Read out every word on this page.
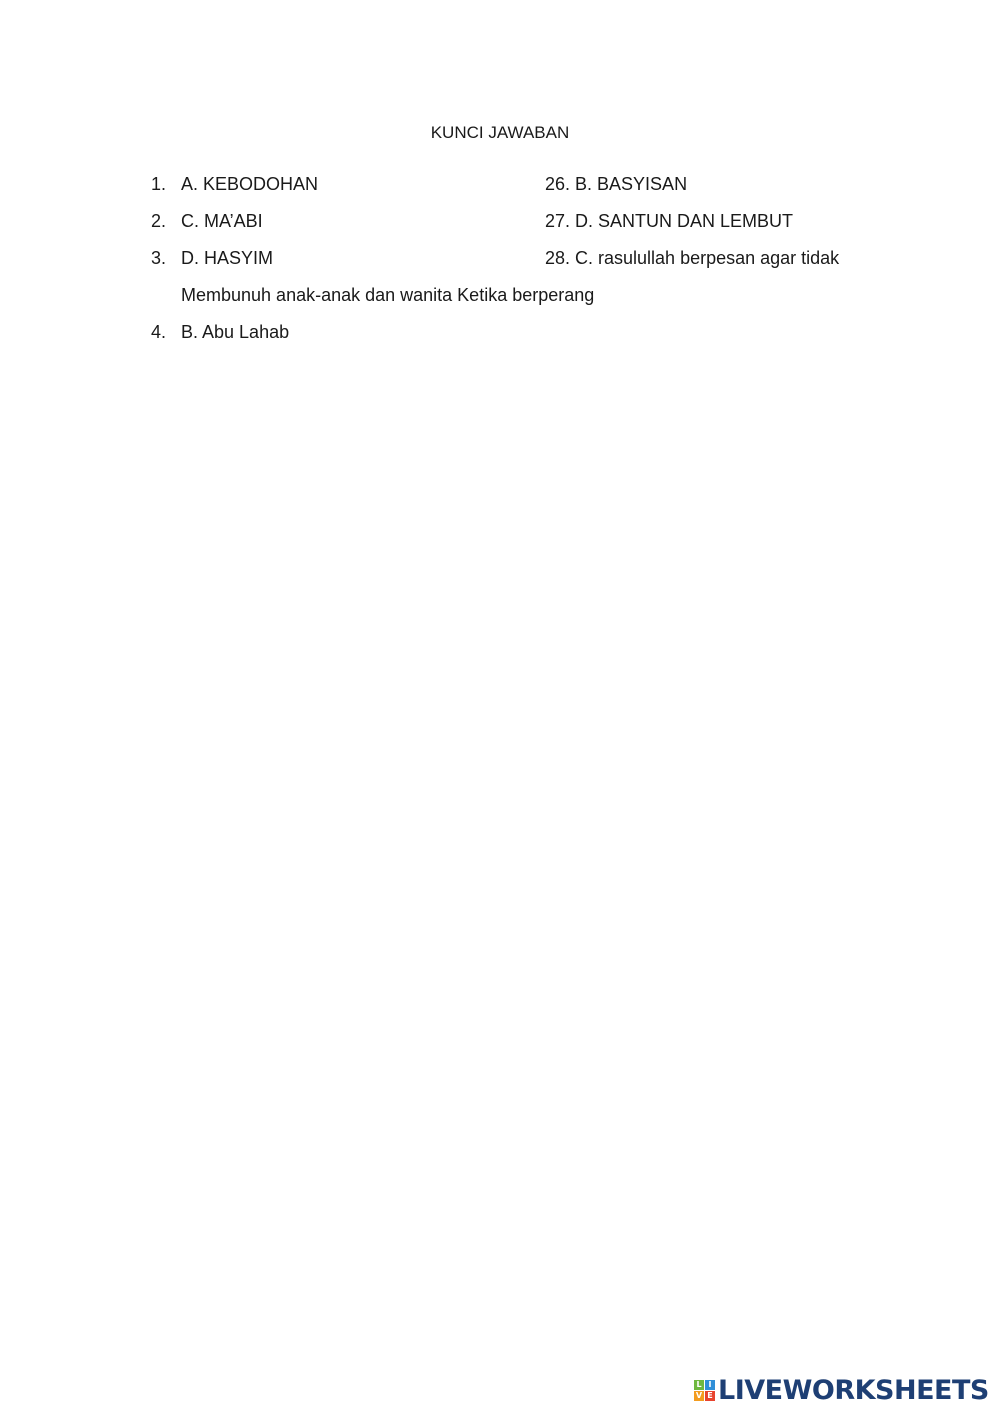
KUNCI JAWABAN
1. A. KEBODOHAN	26. B. BASYISAN
2. C. MA’ABI	27. D. SANTUN DAN LEMBUT
3. D. HASYIM	28. C. rasulullah berpesan agar tidak
Membunuh anak-anak dan wanita Ketika berperang
4. B. Abu Lahab
L I
V E LIVEWORKSHEETS
